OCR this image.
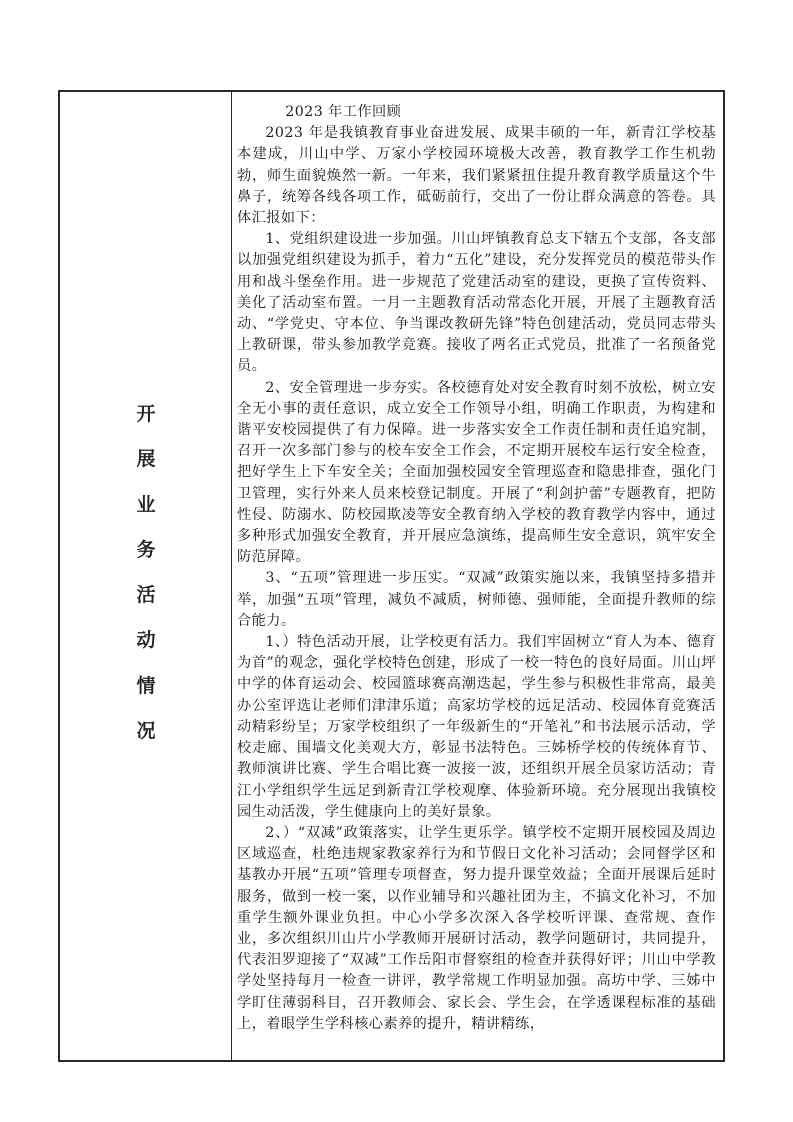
开
展
业
务
活
动
情
况

2023 年工作回顾

2023 年是我镇教育事业奋进发展、成果丰硕的一年，新青江学校基本建成，川山中学、万家小学校园环境极大改善，教育教学工作生机勃勃，师生面貌焕然一新。一年来，我们紧紧扭住提升教育教学质量这个牛鼻子，统筹各线各项工作，砥砺前行，交出了一份让群众满意的答卷。具体汇报如下：

1、党组织建设进一步加强。川山坪镇教育总支下辖五个支部，各支部以加强党组织建设为抓手，着力“五化”建设，充分发挥党员的模范带头作用和战斗堡垒作用。进一步规范了党建活动室的建设，更换了宣传资料、美化了活动室布置。一月一主题教育活动常态化开展，开展了主题教育活动、“学党史、守本位、争当课改教研先锋”特色创建活动，党员同志带头上教研课，带头参加教学竞赛。接收了两名正式党员，批准了一名预备党员。

2、安全管理进一步夯实。各校德育处对安全教育时刻不放松，树立安全无小事的责任意识，成立安全工作领导小组，明确工作职责，为构建和谐平安校园提供了有力保障。进一步落实安全工作责任制和责任追究制，召开一次多部门参与的校车安全工作会，不定期开展校车运行安全检查，把好学生上下车安全关；全面加强校园安全管理巡查和隐患排查，强化门卫管理，实行外来人员来校登记制度。开展了“利剑护蕾”专题教育，把防性侵、防溺水、防校园欺凌等安全教育纳入学校的教育教学内容中，通过多种形式加强安全教育，并开展应急演练，提高师生安全意识，筑牢安全防范屏障。

3、“五项”管理进一步压实。“双减”政策实施以来，我镇坚持多措并举，加强“五项”管理，减负不减质，树师德、强师能，全面提升教师的综合能力。

1、）特色活动开展，让学校更有活力。我们牢固树立“育人为本、德育为首”的观念，强化学校特色创建，形成了一校一特色的良好局面。川山坪中学的体育运动会、校园篮球赛高潮迭起，学生参与积极性非常高，最美办公室评选让老师们津津乐道；高家坊学校的远足活动、校园体育竞赛活动精彩纷呈；万家学校组织了一年级新生的“开笔礼”和书法展示活动，学校走廊、围墙文化美观大方，彰显书法特色。三姊桥学校的传统体育节、教师演讲比赛、学生合唱比赛一波接一波，还组织开展全员家访活动；青江小学组织学生远足到新青江学校观摩、体验新环境。充分展现出我镇校园生动活泼，学生健康向上的美好景象。

2、）“双减”政策落实，让学生更乐学。镇学校不定期开展校园及周边区域巡查，杜绝违规家教家养行为和节假日文化补习活动；会同督学区和基教办开展“五项”管理专项督查，努力提升课堂效益；全面开展课后延时服务，做到一校一案，以作业辅导和兴趣社团为主，不搞文化补习，不加重学生额外课业负担。中心小学多次深入各学校听评课、查常规、查作业，多次组织川山片小学教师开展研讨活动，教学问题研讨，共同提升，代表汨罗迎接了“双减”工作岳阳市督察组的检查并获得好评；川山中学教学处坚持每月一检查一讲评，教学常规工作明显加强。高坊中学、三姊中学盯住薄弱科目，召开教师会、家长会、学生会，在学透课程标准的基础上，着眼学生学科核心素养的提升，精讲精练，
